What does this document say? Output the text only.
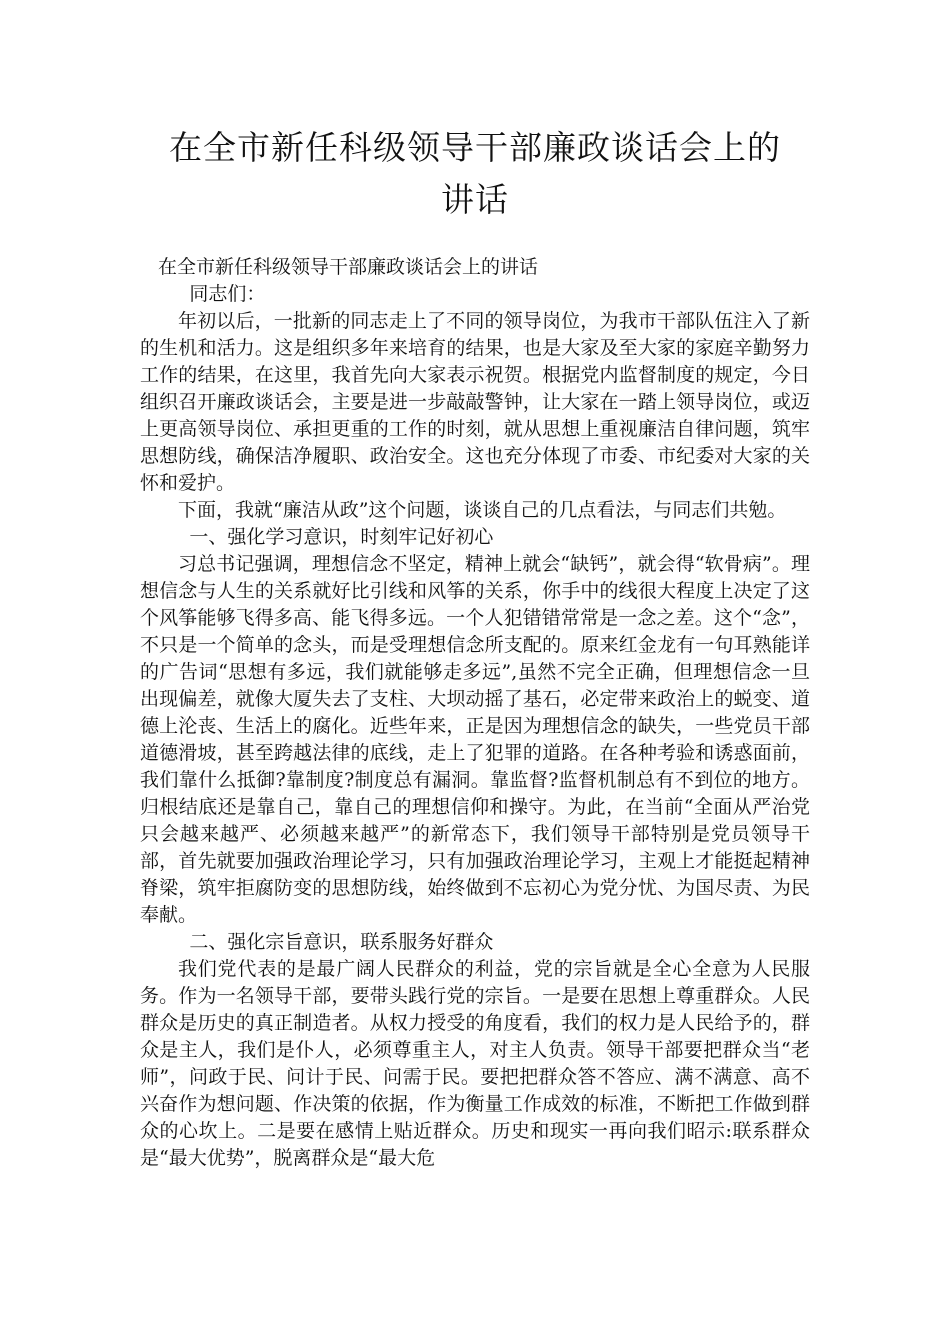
在全市新任科级领导干部廉政谈话会上的
讲话

在全市新任科级领导干部廉政谈话会上的讲话

同志们：

年初以后，一批新的同志走上了不同的领导岗位，为我市干部队伍注入了新的生机和活力。这是组织多年来培育的结果，也是大家及至大家的家庭辛勤努力工作的结果，在这里，我首先向大家表示祝贺。根据党内监督制度的规定，今日组织召开廉政谈话会，主要是进一步敲敲警钟，让大家在一踏上领导岗位，或迈上更高领导岗位、承担更重的工作的时刻，就从思想上重视廉洁自律问题，筑牢思想防线，确保洁净履职、政治安全。这也充分体现了市委、市纪委对大家的关怀和爱护。

下面，我就“廉洁从政”这个问题，谈谈自己的几点看法，与同志们共勉。

一、强化学习意识，时刻牢记好初心

习总书记强调，理想信念不坚定，精神上就会“缺钙”，就会得“软骨病”。理想信念与人生的关系就好比引线和风筝的关系，你手中的线很大程度上决定了这个风筝能够飞得多高、能飞得多远。一个人犯错错常常是一念之差。这个“念”，不只是一个简单的念头，而是受理想信念所支配的。原来红金龙有一句耳熟能详的广告词“思想有多远，我们就能够走多远”,虽然不完全正确，但理想信念一旦出现偏差，就像大厦失去了支柱、大坝动摇了基石，必定带来政治上的蜕变、道德上沦丧、生活上的腐化。近些年来，正是因为理想信念的缺失，一些党员干部道德滑坡，甚至跨越法律的底线，走上了犯罪的道路。在各种考验和诱惑面前，我们靠什么抵御?靠制度?制度总有漏洞。靠监督?监督机制总有不到位的地方。归根结底还是靠自己，靠自己的理想信仰和操守。为此，在当前“全面从严治党只会越来越严、必须越来越严”的新常态下，我们领导干部特别是党员领导干部，首先就要加强政治理论学习，只有加强政治理论学习，主观上才能挺起精神脊梁，筑牢拒腐防变的思想防线，始终做到不忘初心为党分忧、为国尽责、为民奉献。

二、强化宗旨意识，联系服务好群众

我们党代表的是最广阔人民群众的利益，党的宗旨就是全心全意为人民服务。作为一名领导干部，要带头践行党的宗旨。一是要在思想上尊重群众。人民群众是历史的真正制造者。从权力授受的角度看，我们的权力是人民给予的，群众是主人，我们是仆人，必须尊重主人，对主人负责。领导干部要把群众当“老师”，问政于民、问计于民、问需于民。要把把群众答不答应、满不满意、高不兴奋作为想问题、作决策的依据，作为衡量工作成效的标准，不断把工作做到群众的心坎上。二是要在感情上贴近群众。历史和现实一再向我们昭示:联系群众是“最大优势”，脱离群众是“最大危
